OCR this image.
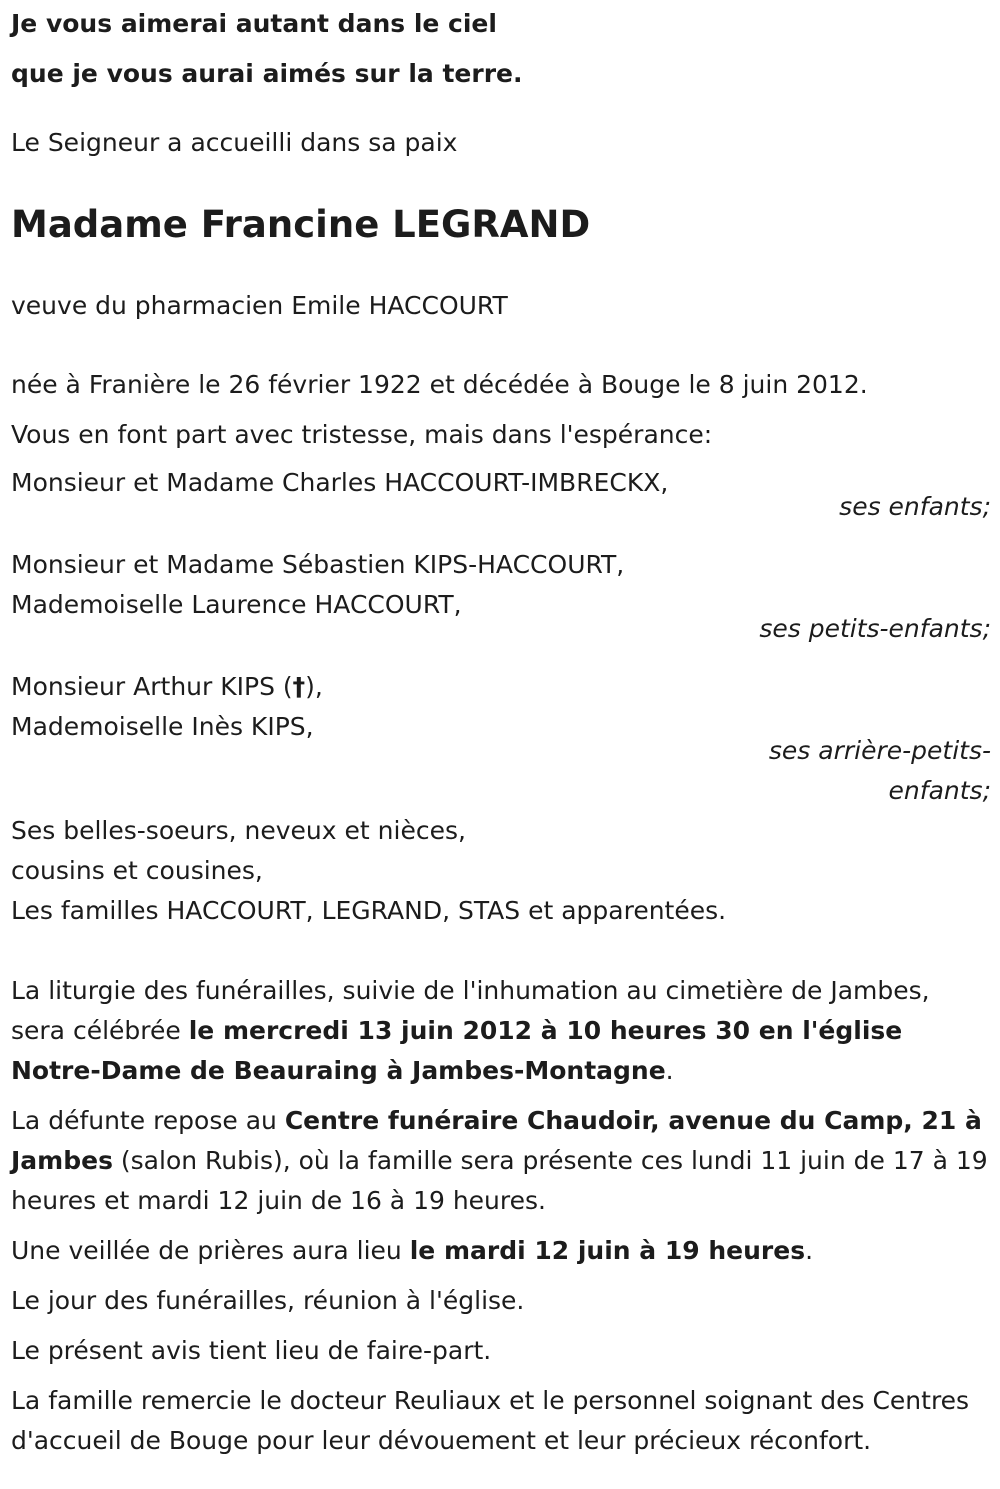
Je vous aimerai autant dans le ciel

que je vous aurai aimés sur la terre.

Le Seigneur a accueilli dans sa paix

Madame Francine LEGRAND

veuve du pharmacien Emile HACCOURT

née à Franière le 26 février 1922 et décédée à Bouge le 8 juin 2012.

Vous en font part avec tristesse, mais dans l'espérance:

Monsieur et Madame Charles HACCOURT-IMBRECKX,

ses enfants;

Monsieur et Madame Sébastien KIPS-HACCOURT,

Mademoiselle Laurence HACCOURT,

ses petits-enfants;

Monsieur Arthur KIPS (†),

Mademoiselle Inès KIPS,

ses arrière-petits-enfants;

Ses belles-soeurs, neveux et nièces,

cousins et cousines,

Les familles HACCOURT, LEGRAND, STAS et apparentées.

La liturgie des funérailles, suivie de l'inhumation au cimetière de Jambes, sera célébrée le mercredi 13 juin 2012 à 10 heures 30 en l'église Notre-Dame de Beauraing à Jambes-Montagne.

La défunte repose au Centre funéraire Chaudoir, avenue du Camp, 21 à Jambes (salon Rubis), où la famille sera présente ces lundi 11 juin de 17 à 19 heures et mardi 12 juin de 16 à 19 heures.

Une veillée de prières aura lieu le mardi 12 juin à 19 heures.

Le jour des funérailles, réunion à l'église.

Le présent avis tient lieu de faire-part.

La famille remercie le docteur Reuliaux et le personnel soignant des Centres d'accueil de Bouge pour leur dévouement et leur précieux réconfort.
